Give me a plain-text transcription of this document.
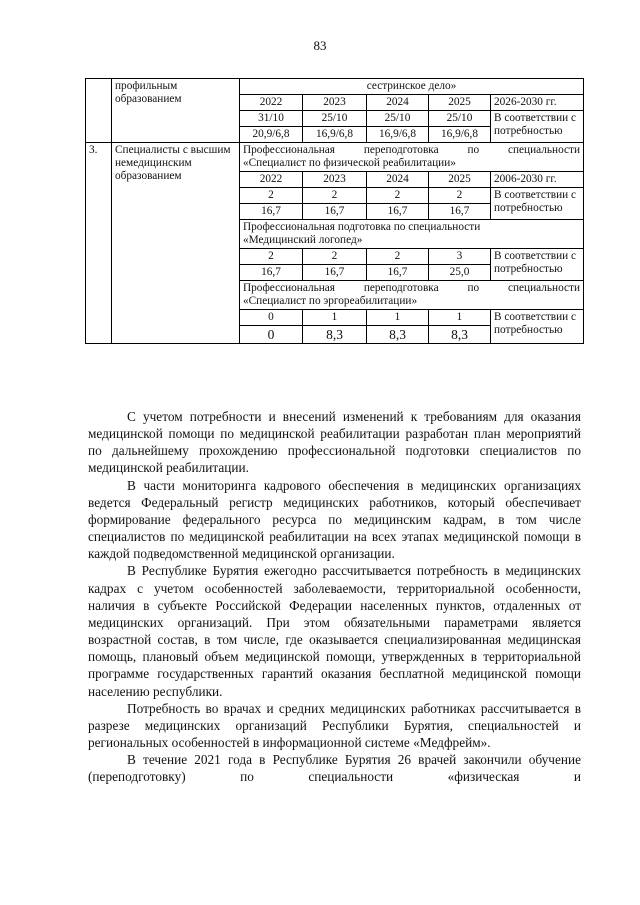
83
	профильным образованием	сестринское дело»				
		2022	2023	2024	2025	2026-2030 гг.
		31/10	25/10	25/10	25/10	В соответствии с потребностью
		20,9/6,8	16,9/6,8	16,9/6,8	16,9/6,8	
3.	Специалисты с высшим немедицинским образованием	Профессиональная переподготовка по специальности
«Специалист по физической реабилитации»				

		2022	2023	2024	2025	2006-2030 гг.
		2	2	2	2	В соответствии с потребностью
		16,7	16,7	16,7	16,7	

		Профессиональная подготовка по специальности
«Медицинский логопед»				

		2	2	2	3	В соответствии с потребностью
		16,7	16,7	16,7	25,0	

		Профессиональная переподготовка по специальности
«Специалист по эргореабилитации»				

		0	1	1	1	В соответствии с потребностью
		0	8,3	8,3	8,3	

С учетом потребности и внесений изменений к требованиям для оказания медицинской помощи по медицинской реабилитации разработан план мероприятий по дальнейшему прохождению профессиональной подготовки специалистов по медицинской реабилитации.

В части мониторинга кадрового обеспечения в медицинских организациях ведется Федеральный регистр медицинских работников, который обеспечивает формирование федерального ресурса по медицинским кадрам, в том числе специалистов по медицинской реабилитации на всех этапах медицинской помощи в каждой подведомственной медицинской организации.

В Республике Бурятия ежегодно рассчитывается потребность в медицинских кадрах с учетом особенностей заболеваемости, территориальной особенности, наличия в субъекте Российской Федерации населенных пунктов, отдаленных от медицинских организаций. При этом обязательными параметрами является возрастной состав, в том числе, где оказывается специализированная медицинская помощь, плановый объем медицинской помощи, утвержденных в территориальной программе государственных гарантий оказания бесплатной медицинской помощи населению республики.

Потребность во врачах и средних медицинских работниках рассчитывается в разрезе медицинских организаций Республики Бурятия, специальностей и региональных особенностей в информационной системе «Медфрейм».

В течение 2021 года в Республике Бурятия 26 врачей закончили обучение (переподготовку) по специальности «физическая и
